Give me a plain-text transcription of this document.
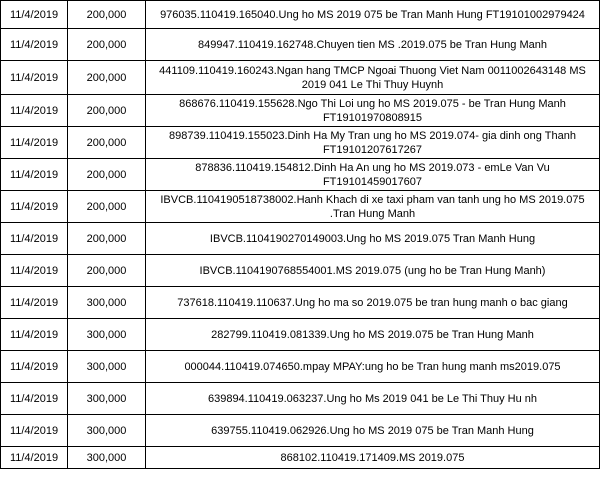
11/4/2019	200,000	976035.110419.165040.Ung ho MS 2019 075 be Tran Manh Hung FT19101002979424
11/4/2019	200,000	849947.110419.162748.Chuyen tien MS .2019.075 be Tran Hung Manh
11/4/2019	200,000	441109.110419.160243.Ngan hang TMCP Ngoai Thuong Viet Nam 0011002643148 MS 2019 041 Le Thi Thuy Huynh
11/4/2019	200,000	868676.110419.155628.Ngo Thi Loi ung ho MS 2019.075 - be Tran Hung Manh FT19101970808915
11/4/2019	200,000	898739.110419.155023.Dinh Ha My Tran ung ho MS 2019.074- gia dinh ong Thanh FT19101207617267
11/4/2019	200,000	878836.110419.154812.Dinh Ha An ung ho MS 2019.073 - emLe Van Vu FT19101459017607
11/4/2019	200,000	IBVCB.1104190518738002.Hanh Khach di xe taxi pham van tanh ung ho MS 2019.075 .Tran Hung Manh
11/4/2019	200,000	IBVCB.1104190270149003.Ung ho MS 2019.075 Tran Manh Hung
11/4/2019	200,000	IBVCB.1104190768554001.MS 2019.075 (ung ho be Tran Hung Manh)
11/4/2019	300,000	737618.110419.110637.Ung ho ma so 2019.075 be tran hung manh o bac giang
11/4/2019	300,000	282799.110419.081339.Ung ho MS 2019.075 be Tran Hung Manh
11/4/2019	300,000	000044.110419.074650.mpay MPAY:ung ho be Tran hung manh ms2019.075
11/4/2019	300,000	639894.110419.063237.Ung ho Ms 2019 041 be Le Thi Thuy Hu nh
11/4/2019	300,000	639755.110419.062926.Ung ho MS 2019 075 be Tran Manh Hung
11/4/2019	300,000	868102.110419.171409.MS 2019.075
